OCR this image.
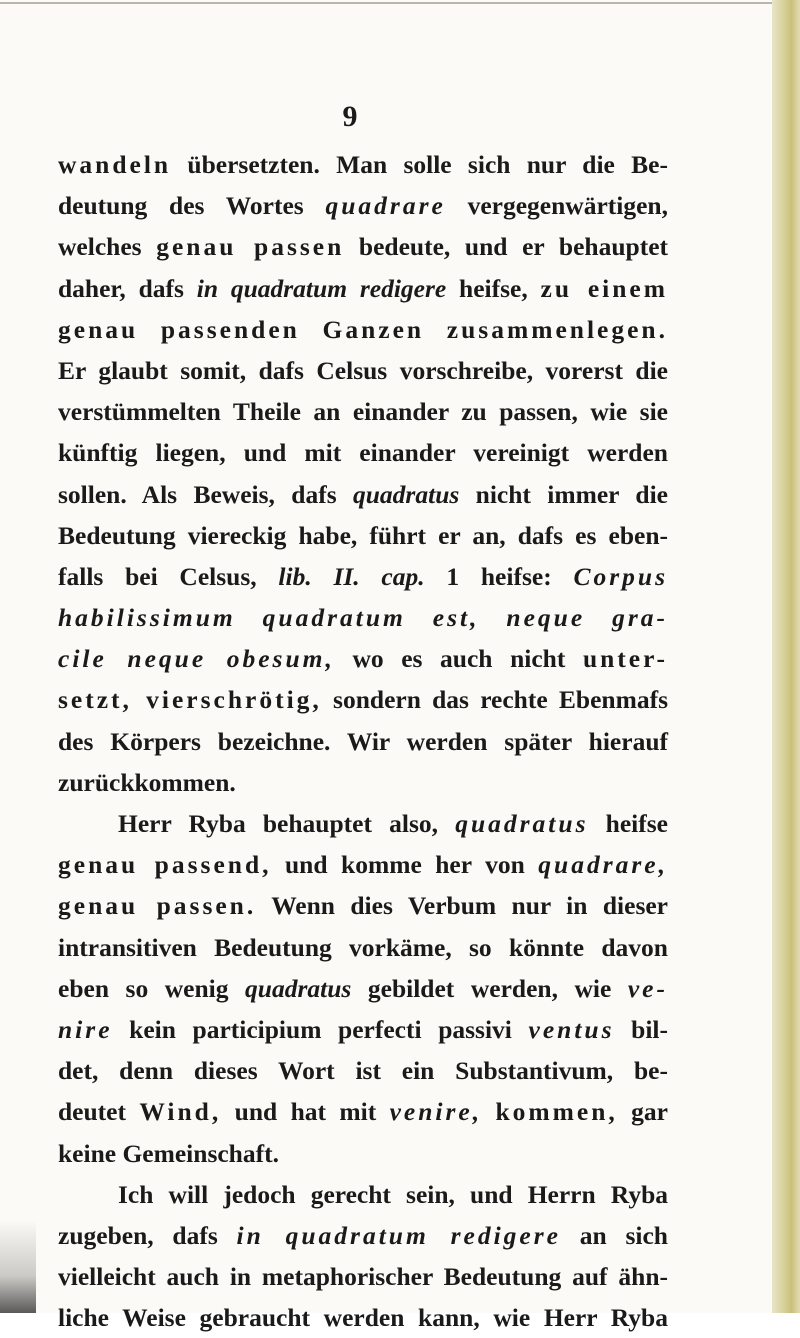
9
wandeln übersetzten. Man solle sich nur die Be-
deutung des Wortes quadrare vergegenwärtigen,
welches genau passen bedeute, und er behauptet
daher, dafs in quadratum redigere heifse, zu einem
genau passenden Ganzen zusammenlegen.
Er glaubt somit, dafs Celsus vorschreibe, vorerst die
verstümmelten Theile an einander zu passen, wie sie
künftig liegen, und mit einander vereinigt werden
sollen. Als Beweis, dafs quadratus nicht immer die
Bedeutung viereckig habe, führt er an, dafs es eben-
falls bei Celsus, lib. II. cap. 1 heifse: Corpus
habilissimum quadratum est, neque gra-
cile neque obesum, wo es auch nicht unter-
setzt, vierschrötig, sondern das rechte Ebenmafs
des Körpers bezeichne. Wir werden später hierauf
zurückkommen.
Herr Ryba behauptet also, quadratus heifse
genau passend, und komme her von quadrare,
genau passen. Wenn dies Verbum nur in dieser
intransitiven Bedeutung vorkäme, so könnte davon
eben so wenig quadratus gebildet werden, wie ve-
nire kein participium perfecti passivi ventus bil-
det, denn dieses Wort ist ein Substantivum, be-
deutet Wind, und hat mit venire, kommen, gar
keine Gemeinschaft.
Ich will jedoch gerecht sein, und Herrn Ryba
zugeben, dafs in quadratum redigere an sich
vielleicht auch in metaphorischer Bedeutung auf ähn-
liche Weise gebraucht werden kann, wie Herr Ryba
